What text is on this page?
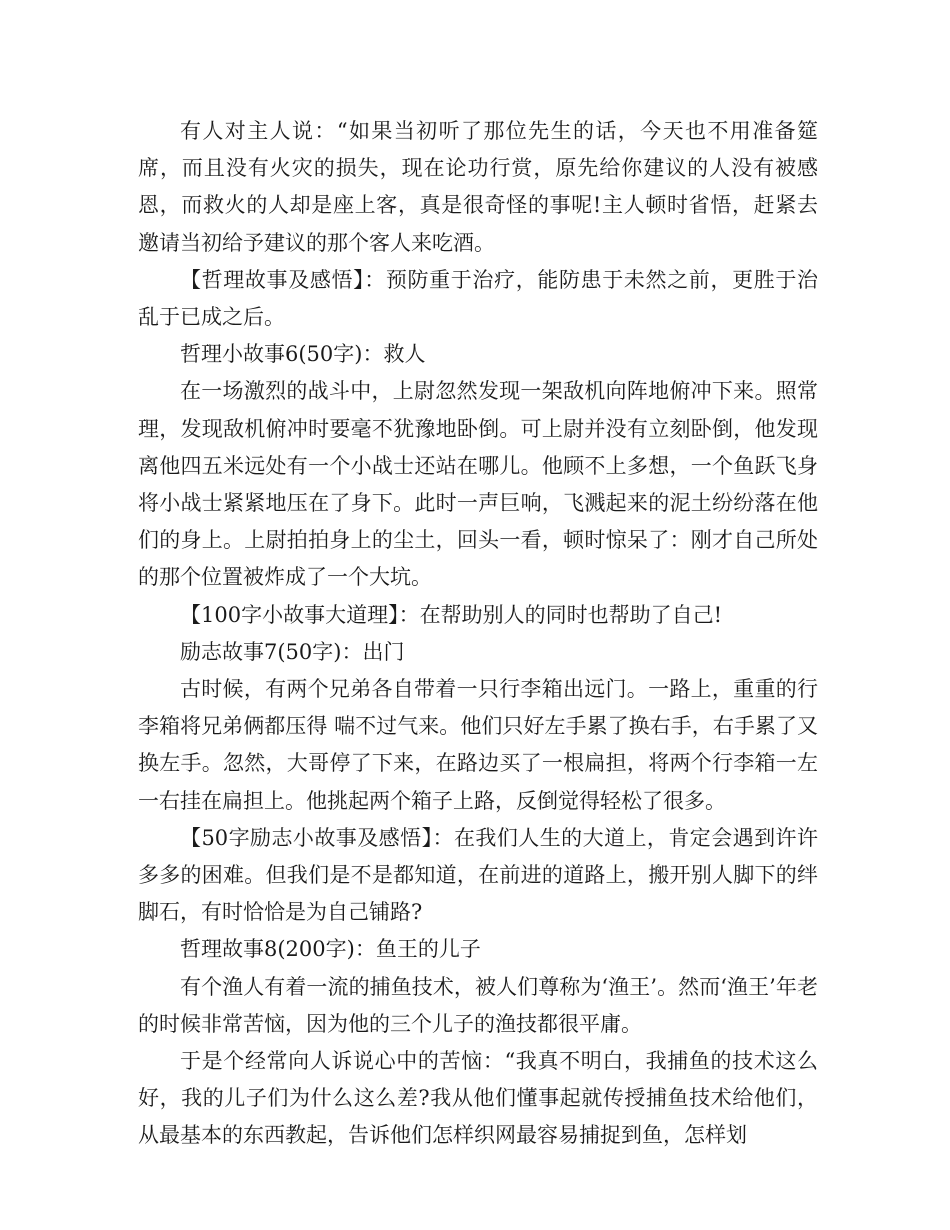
有人对主人说：“如果当初听了那位先生的话，今天也不用准备筵席，而且没有火灾的损失，现在论功行赏，原先给你建议的人没有被感恩，而救火的人却是座上客，真是很奇怪的事呢!主人顿时省悟，赶紧去邀请当初给予建议的那个客人来吃酒。

【哲理故事及感悟】：预防重于治疗，能防患于未然之前，更胜于治乱于已成之后。

哲理小故事6(50字)：救人

在一场激烈的战斗中，上尉忽然发现一架敌机向阵地俯冲下来。照常理，发现敌机俯冲时要毫不犹豫地卧倒。可上尉并没有立刻卧倒，他发现离他四五米远处有一个小战士还站在哪儿。他顾不上多想，一个鱼跃飞身将小战士紧紧地压在了身下。此时一声巨响，飞溅起来的泥土纷纷落在他们的身上。上尉拍拍身上的尘土，回头一看，顿时惊呆了：刚才自己所处的那个位置被炸成了一个大坑。

【100字小故事大道理】：在帮助别人的同时也帮助了自己!

励志故事7(50字)：出门

古时候，有两个兄弟各自带着一只行李箱出远门。一路上，重重的行李箱将兄弟俩都压得 喘不过气来。他们只好左手累了换右手，右手累了又换左手。忽然，大哥停了下来，在路边买了一根扁担，将两个行李箱一左一右挂在扁担上。他挑起两个箱子上路，反倒觉得轻松了很多。

【50字励志小故事及感悟】：在我们人生的大道上，肯定会遇到许许多多的困难。但我们是不是都知道，在前进的道路上，搬开别人脚下的绊脚石，有时恰恰是为自己铺路?

哲理故事8(200字)：鱼王的儿子

有个渔人有着一流的捕鱼技术，被人们尊称为‘渔王’。然而‘渔王’年老的时候非常苦恼，因为他的三个儿子的渔技都很平庸。

于是个经常向人诉说心中的苦恼：“我真不明白，我捕鱼的技术这么好，我的儿子们为什么这么差?我从他们懂事起就传授捕鱼技术给他们，从最基本的东西教起，告诉他们怎样织网最容易捕捉到鱼，怎样划
